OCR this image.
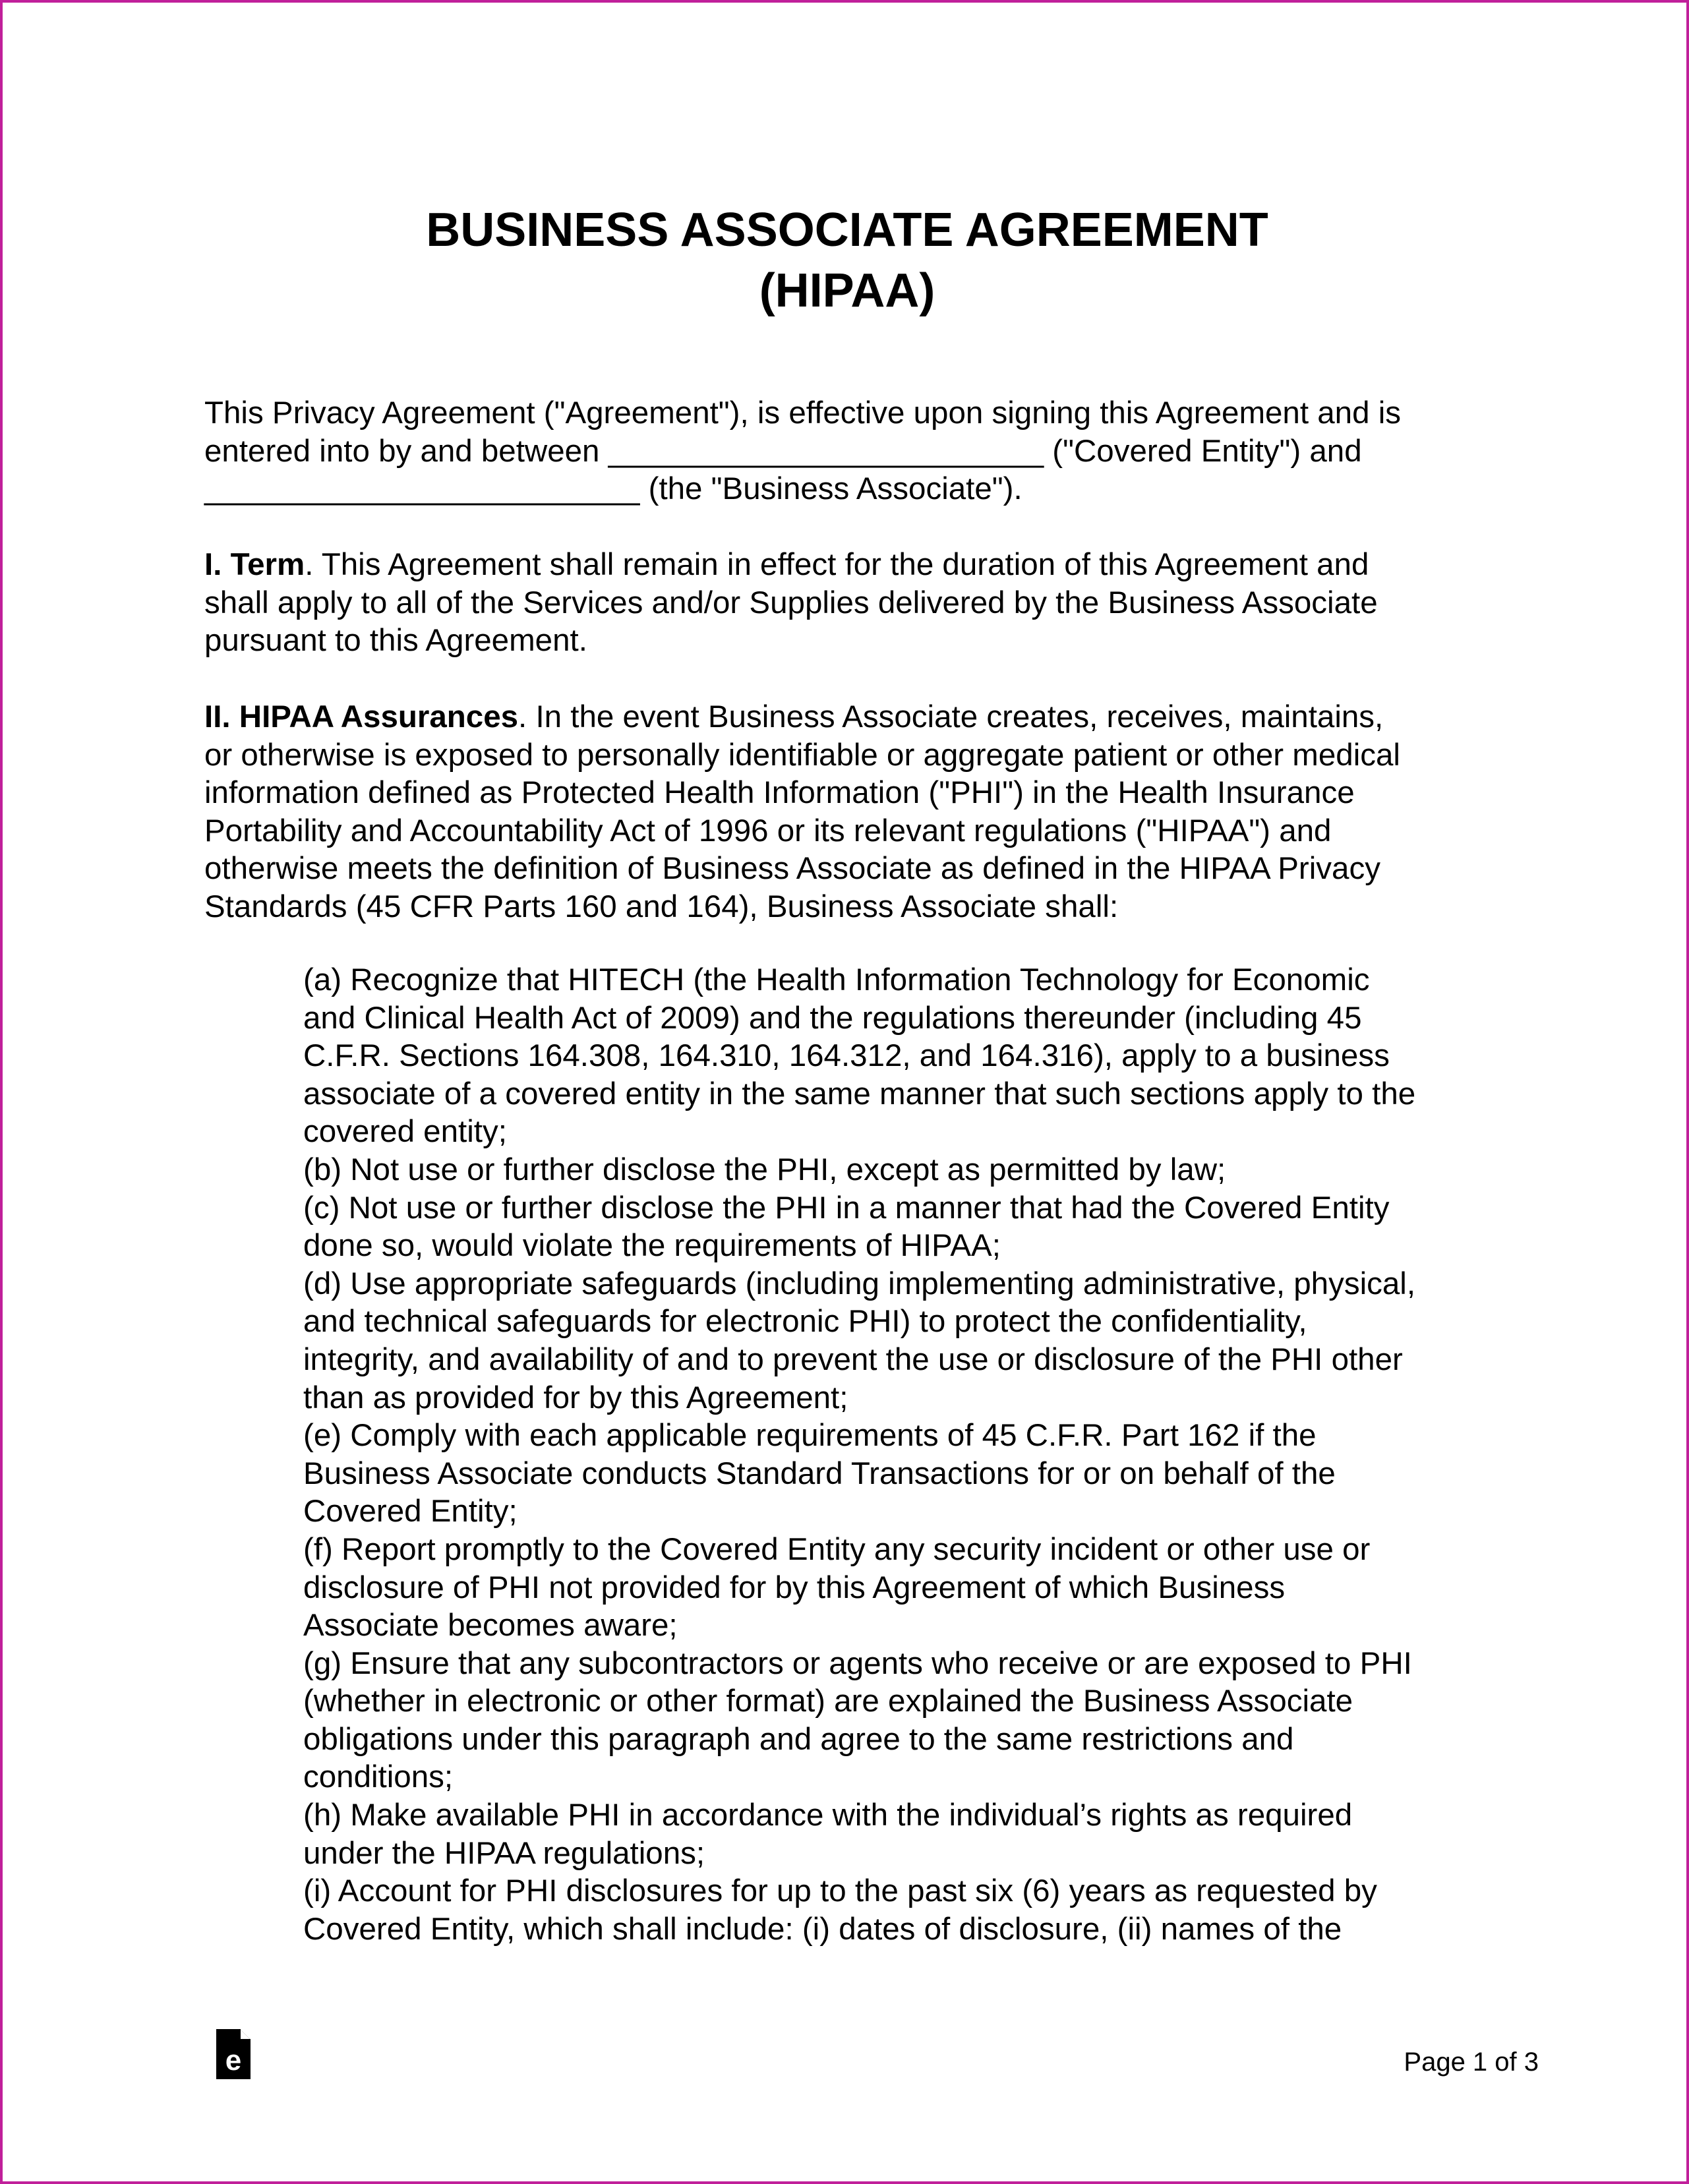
BUSINESS ASSOCIATE AGREEMENT
(HIPAA)
This Privacy Agreement ("Agreement"), is effective upon signing this Agreement and is
entered into by and between _________________________ ("Covered Entity") and
_________________________ (the "Business Associate").
I. Term. This Agreement shall remain in effect for the duration of this Agreement and
shall apply to all of the Services and/or Supplies delivered by the Business Associate
pursuant to this Agreement.
II. HIPAA Assurances. In the event Business Associate creates, receives, maintains,
or otherwise is exposed to personally identifiable or aggregate patient or other medical
information defined as Protected Health Information ("PHI") in the Health Insurance
Portability and Accountability Act of 1996 or its relevant regulations ("HIPAA") and
otherwise meets the definition of Business Associate as defined in the HIPAA Privacy
Standards (45 CFR Parts 160 and 164), Business Associate shall:
(a) Recognize that HITECH (the Health Information Technology for Economic
and Clinical Health Act of 2009) and the regulations thereunder (including 45
C.F.R. Sections 164.308, 164.310, 164.312, and 164.316), apply to a business
associate of a covered entity in the same manner that such sections apply to the
covered entity;
(b) Not use or further disclose the PHI, except as permitted by law;
(c) Not use or further disclose the PHI in a manner that had the Covered Entity
done so, would violate the requirements of HIPAA;
(d) Use appropriate safeguards (including implementing administrative, physical,
and technical safeguards for electronic PHI) to protect the confidentiality,
integrity, and availability of and to prevent the use or disclosure of the PHI other
than as provided for by this Agreement;
(e) Comply with each applicable requirements of 45 C.F.R. Part 162 if the
Business Associate conducts Standard Transactions for or on behalf of the
Covered Entity;
(f) Report promptly to the Covered Entity any security incident or other use or
disclosure of PHI not provided for by this Agreement of which Business
Associate becomes aware;
(g) Ensure that any subcontractors or agents who receive or are exposed to PHI
(whether in electronic or other format) are explained the Business Associate
obligations under this paragraph and agree to the same restrictions and
conditions;
(h) Make available PHI in accordance with the individual’s rights as required
under the HIPAA regulations;
(i) Account for PHI disclosures for up to the past six (6) years as requested by
Covered Entity, which shall include: (i) dates of disclosure, (ii) names of the
e	Page 1 of 3
